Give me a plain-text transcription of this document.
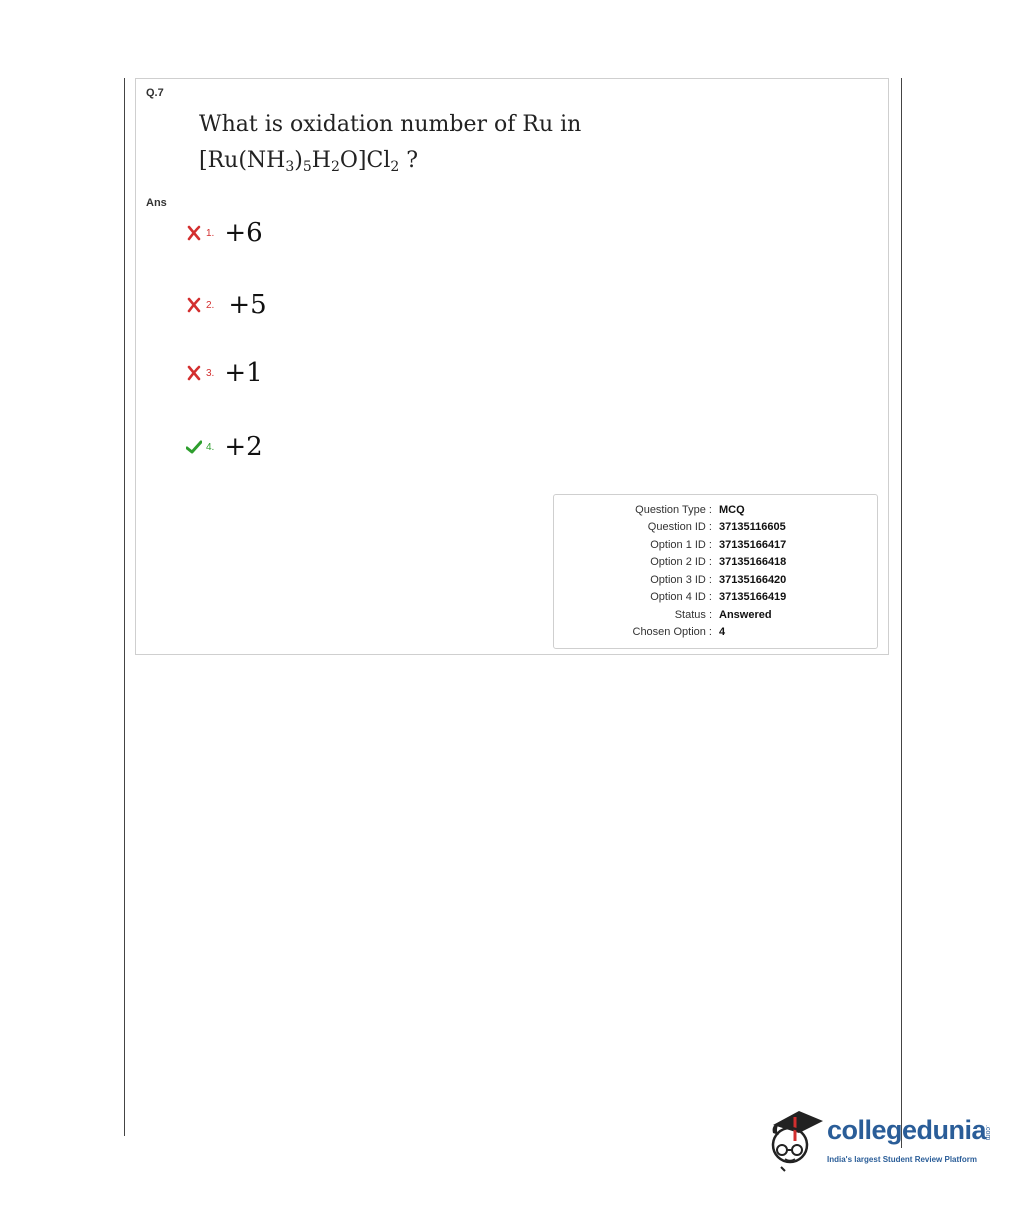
Q.7
What is oxidation number of Ru in
$[Ru(NH_3)_5H_2O]Cl_2$ ?
Ans
1. +6
2. +5
3. +1
4. +2
Question Type : MCQ
Question ID : 37135116605
Option 1 ID : 37135166417
Option 2 ID : 37135166418
Option 3 ID : 37135166420
Option 4 ID : 37135166419
Status : Answered
Chosen Option : 4
collegedunia
.com
India's largest Student Review Platform
